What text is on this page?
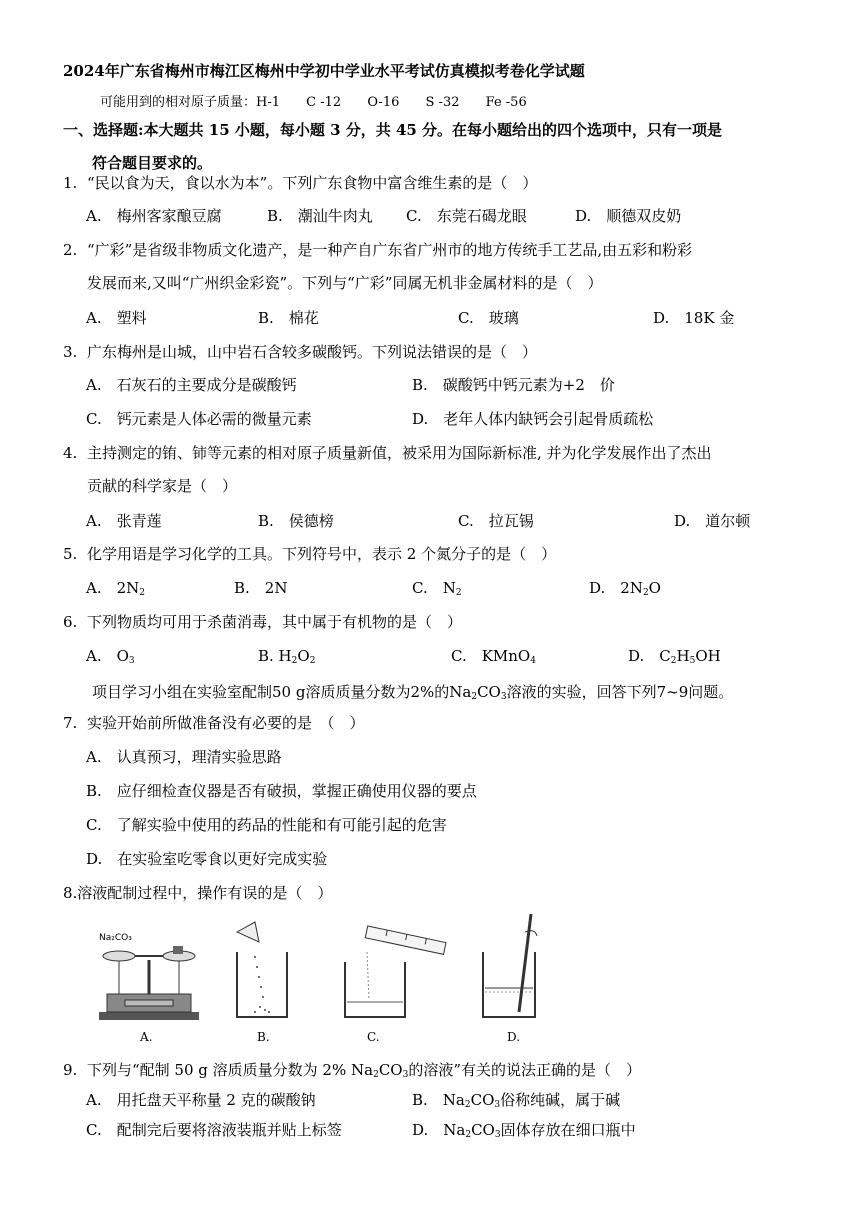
2024年广东省梅州市梅江区梅州中学初中学业水平考试仿真模拟考卷化学试题
可能用到的相对原子质量：H-1 C -12 O-16 S -32 Fe -56
一、选择题:本大题共 15 小题，每小题 3 分，共 45 分。在每小题给出的四个选项中，只有一项是
符合题目要求的。
1. “民以食为天，食以水为本”。下列广东食物中富含维生素的是（　）
A.　梅州客家酿豆腐	B.　潮汕牛肉丸 C.　东莞石碣龙眼	D.　顺德双皮奶
2. “广彩”是省级非物质文化遗产，是一种产自广东省广州市的地方传统手工艺品,由五彩和粉彩
发展而来,又叫“广州织金彩瓷”。下列与“广彩”同属无机非金属材料的是（　）
A.　塑料	B.　棉花	C.　玻璃	D.　18K 金
3. 广东梅州是山城，山中岩石含较多碳酸钙。下列说法错误的是（　）
A.　石灰石的主要成分是碳酸钙	B.　碳酸钙中钙元素为+2　价
C.　钙元素是人体必需的微量元素	D.　老年人体内缺钙会引起骨质疏松
4. 主持测定的铕、铈等元素的相对原子质量新值，被采用为国际新标准, 并为化学发展作出了杰出
贡献的科学家是（　）
A.　张青莲	B.　侯德榜	C.　拉瓦锡	D.　道尔顿
5. 化学用语是学习化学的工具。下列符号中，表示 2 个氮分子的是（　）
A.　$2N_2$	B.　2N	C.　$N_2$	D.　$2N_2O$
6. 下列物质均可用于杀菌消毒，其中属于有机物的是（　）
A.　$O_3$	B. $H_2O_2$	C.　KMnO$_4$	D.　$C_2H_5OH$
项目学习小组在实验室配制50 g溶质质量分数为2%的$Na_2CO_3$溶液的实验，回答下列7~9问题。
7. 实验开始前所做准备没有必要的是　（　）
A.　认真预习，理清实验思路
B.　应仔细检查仪器是否有破损，掌握正确使用仪器的要点
C.　了解实验中使用的药品的性能和有可能引起的危害
D.　在实验室吃零食以更好完成实验
8.溶液配制过程中，操作有误的是（　）
Na₂CO₃
A.	B.	C.	D.
9. 下列与“配制 50 g 溶质质量分数为 2% $Na_2CO_3$的溶液”有关的说法正确的是（　）
A.　用托盘天平称量 2 克的碳酸钠	B.　$Na_2CO_3$俗称纯碱，属于碱
C.　配制完后要将溶液装瓶并贴上标签	D.　$Na_2CO_3$固体存放在细口瓶中
